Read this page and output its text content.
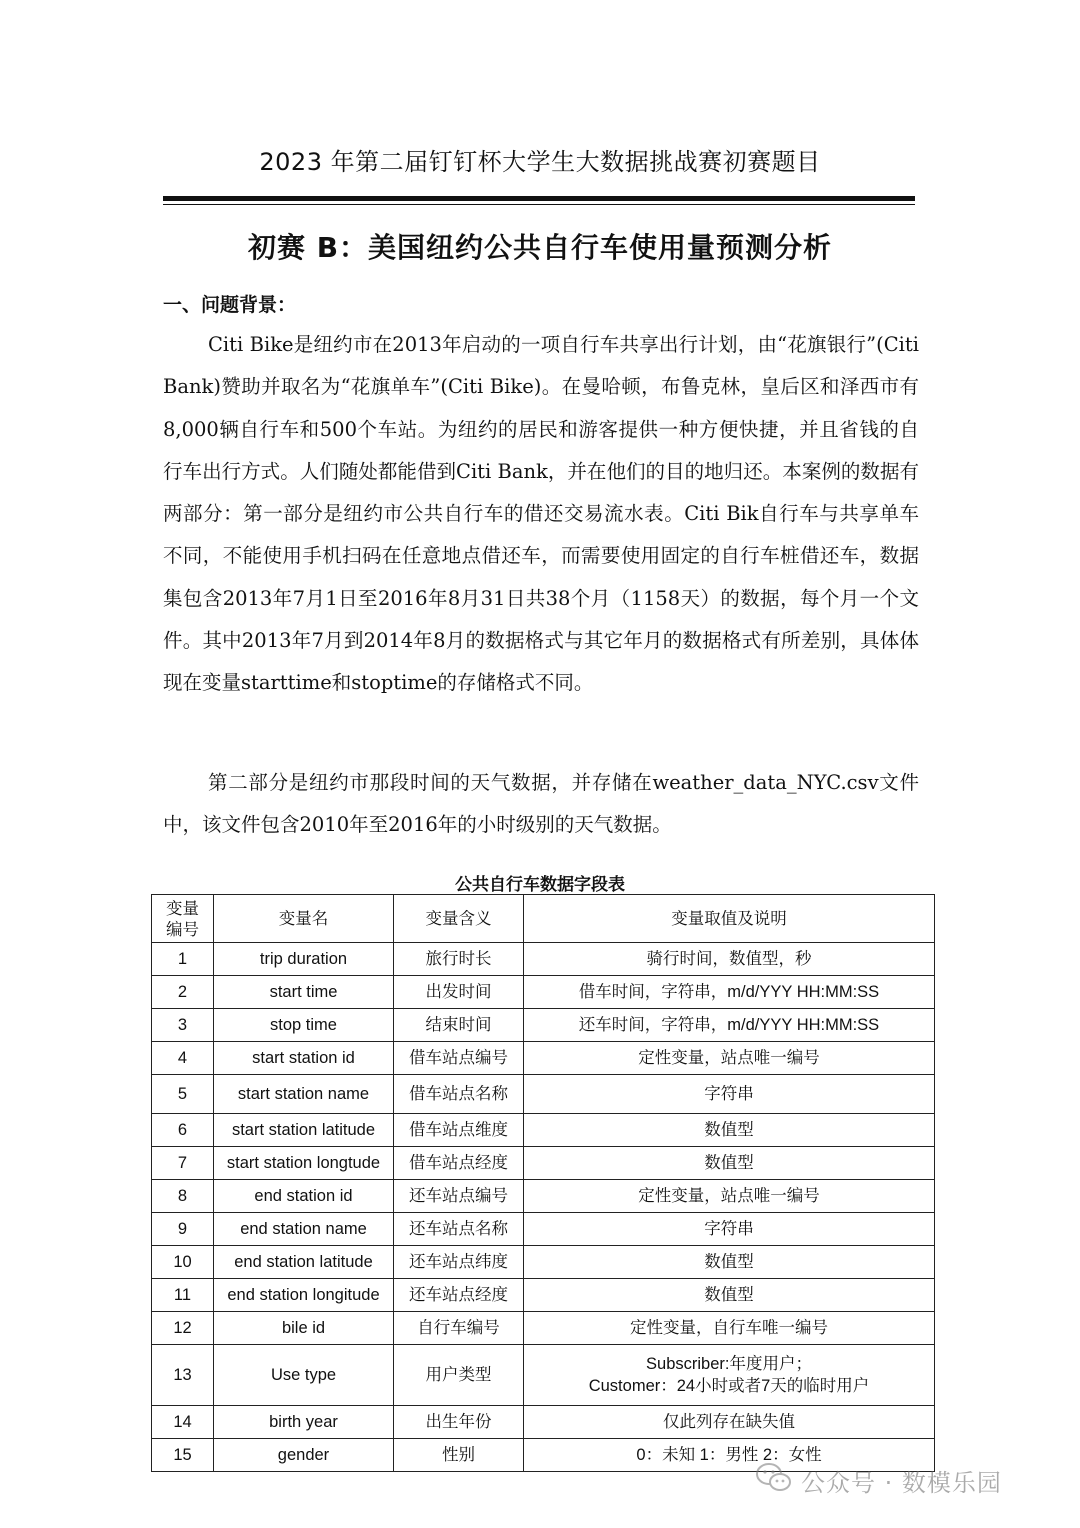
2023 年第二届钉钉杯大学生大数据挑战赛初赛题目
初赛 B：美国纽约公共自行车使用量预测分析
一、问题背景：

Citi Bike是纽约市在2013年启动的一项自行车共享出行计划，由“花旗银行”(Citi Bank)赞助并取名为“花旗单车”(Citi Bike)。在曼哈顿，布鲁克林，皇后区和泽西市有8,000辆自行车和500个车站。为纽约的居民和游客提供一种方便快捷，并且省钱的自行车出行方式。人们随处都能借到Citi Bank，并在他们的目的地归还。本案例的数据有两部分：第一部分是纽约市公共自行车的借还交易流水表。Citi Bik自行车与共享单车不同，不能使用手机扫码在任意地点借还车，而需要使用固定的自行车桩借还车，数据集包含2013年7月1日至2016年8月31日共38个月（1158天）的数据，每个月一个文件。其中2013年7月到2014年8月的数据格式与其它年月的数据格式有所差别，具体体现在变量starttime和stoptime的存储格式不同。

第二部分是纽约市那段时间的天气数据，并存储在weather_data_NYC.csv文件中，该文件包含2010年至2016年的小时级别的天气数据。

公共自行车数据字段表
变量
编号	变量名	变量含义	变量取值及说明
1	trip duration	旅行时长	骑行时间，数值型，秒
2	start time	出发时间	借车时间，字符串，m/d/YYY HH:MM:SS
3	stop time	结束时间	还车时间，字符串，m/d/YYY HH:MM:SS
4	start station id	借车站点编号	定性变量，站点唯一编号
5	start station name	借车站点名称	字符串
6	start station latitude	借车站点维度	数值型
7	start station longtude	借车站点经度	数值型
8	end station id	还车站点编号	定性变量，站点唯一编号
9	end station name	还车站点名称	字符串
10	end station latitude	还车站点纬度	数值型
11	end station longitude	还车站点经度	数值型
12	bile id	自行车编号	定性变量，自行车唯一编号
13	Use type	用户类型	Subscriber:年度用户；
Customer：24小时或者7天的临时用户

14	birth year	出生年份	仅此列存在缺失值
15	gender	性别	0：未知 1：男性 2：女性
公众号 · 数模乐园
